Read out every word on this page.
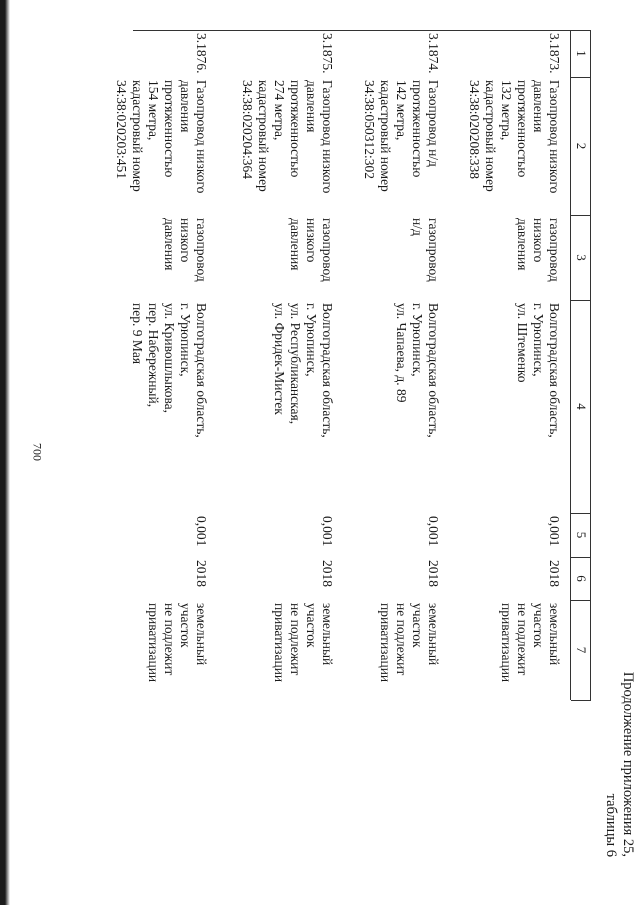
700
Продолжение приложения 25,
таблицы 6
1
2
3
4
5
6
7
3.1873.
Газопровод низкого
давления
протяженностью
132 метра,
кадастровый номер
34:38:020208:338
газопровод
низкого
давления
Волгоградская область,
г. Урюпинск,
ул. Штеменко
0,001
2018
земельный
участок
не подлежит
приватизации
3.1874.
Газопровод н/д
протяженностью
142 метра,
кадастровый номер
34:38:050312:302
газопровод
н/д
Волгоградская область,
г. Урюпинск,
ул. Чапаева, д. 89
0,001
2018
земельный
участок
не подлежит
приватизации
3.1875.
Газопровод низкого
давления
протяженностью
274 метра,
кадастровый номер
34:38:020204:364
газопровод
низкого
давления
Волгоградская область,
г. Урюпинск,
ул. Республиканская,
ул. Фридек-Мистек
0,001
2018
земельный
участок
не подлежит
приватизации
3.1876.
Газопровод низкого
давления
протяженностью
154 метра,
кадастровый номер
34:38:020203:451
газопровод
низкого
давления
Волгоградская область,
г. Урюпинск,
ул. Кривошлыкова,
пер. Набережный,
пер. 9 Мая
0,001
2018
земельный
участок
не подлежит
приватизации
